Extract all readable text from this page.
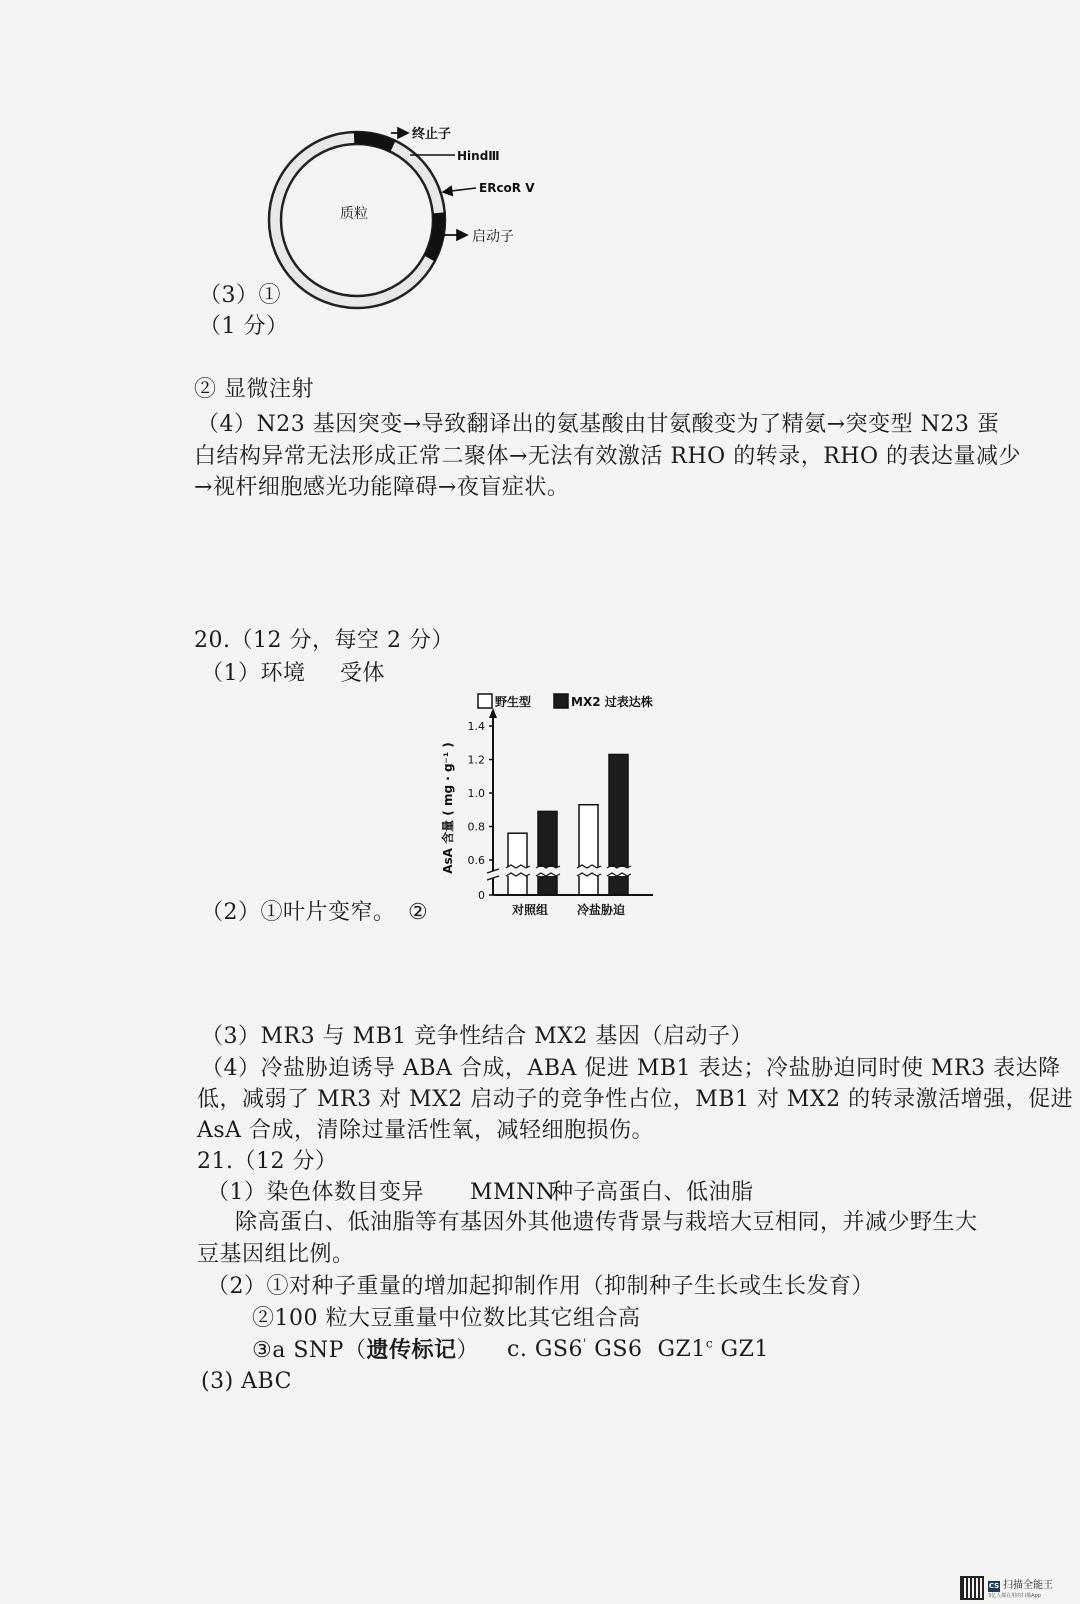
质粒
终止子
HindⅢ
ERcoR V
启动子
（3）①
（1 分）
② 显微注射
（4）N23 基因突变→导致翻译出的氨基酸由甘氨酸变为了精氨→突变型 N23 蛋
白结构异常无法形成正常二聚体→无法有效激活 RHO 的转录，RHO 的表达量减少
→视杆细胞感光功能障碍→夜盲症状。
20.（12 分，每空 2 分）
（1）环境 受体
野生型	MX2 过表达株
1.4
1.2
1.0
0.8
0.6
0
对照组 冷盐胁迫
AsA 含量 ( mg · g⁻¹ )
（2）①叶片变窄。 ②
（3）MR3 与 MB1 竞争性结合 MX2 基因（启动子）
（4）冷盐胁迫诱导 ABA 合成，ABA 促进 MB1 表达；冷盐胁迫同时使 MR3 表达降
低，减弱了 MR3 对 MX2 启动子的竞争性占位，MB1 对 MX2 的转录激活增强，促进
AsA 合成，清除过量活性氧，减轻细胞损伤。
21.（12 分）
（1）染色体数目变异 MMNN
种子高蛋白、低油脂
除高蛋白、低油脂等有基因外其他遗传背景与栽培大豆相同，并减少野生大
豆基因组比例。
（2）①对种子重量的增加起抑制作用（抑制种子生长或生长发育）
②100 粒大豆重量中位数比其它组合高
③a SNP（遗传标记） c. GS6' GS6 GZ1$^c$ GZ1
(3) ABC
CS 扫描全能王
3亿人都在用的扫描App
